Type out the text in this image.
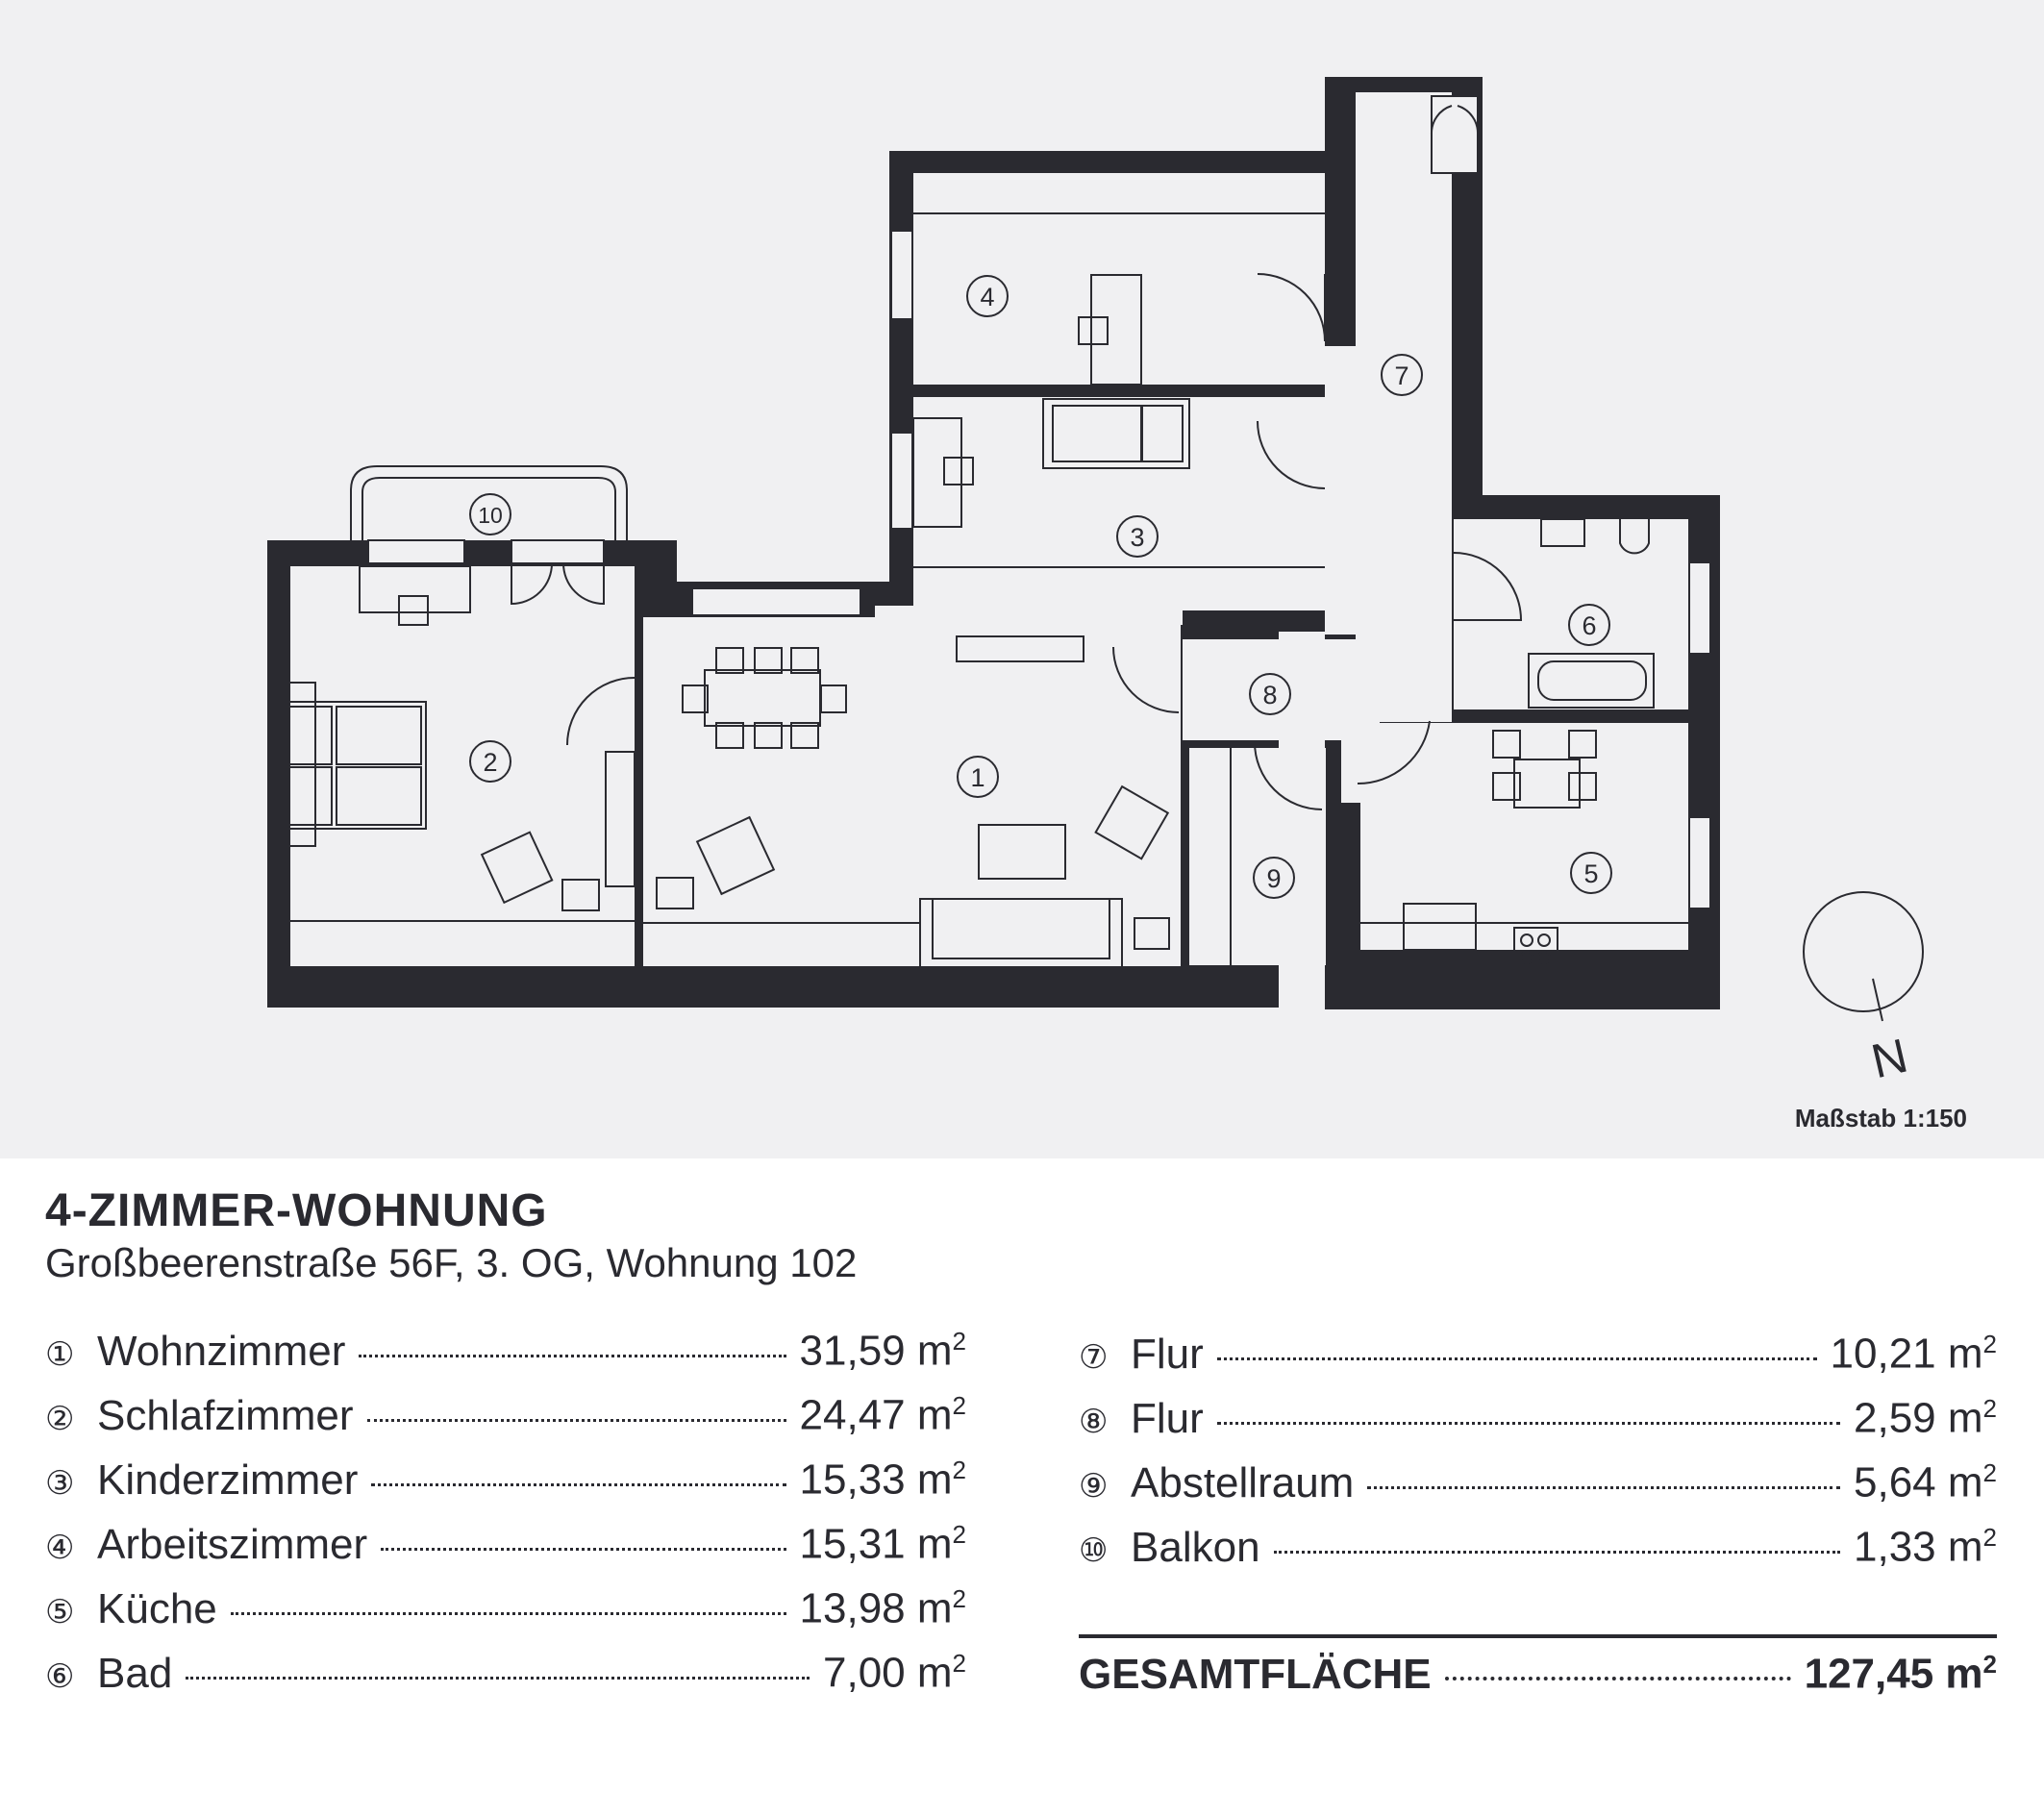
1
2
3
4
5
6
7
8
9
10
N
Maßstab 1:150
4-ZIMMER-WOHNUNG
Großbeerenstraße 56F, 3. OG, Wohnung 102
① Wohnzimmer	31,59 $m^2$
② Schlafzimmer	24,47 $m^2$
③ Kinderzimmer	15,33 $m^2$
④ Arbeitszimmer	15,31 $m^2$
⑤ Küche	13,98 $m^2$
⑥ Bad	7,00 $m^2$
⑦ Flur	10,21 $m^2$
⑧ Flur	2,59 $m^2$
⑨ Abstellraum	5,64 $m^2$
⑩ Balkon	1,33 $m^2$
GESAMTFLÄCHE	127,45 $m^2$
